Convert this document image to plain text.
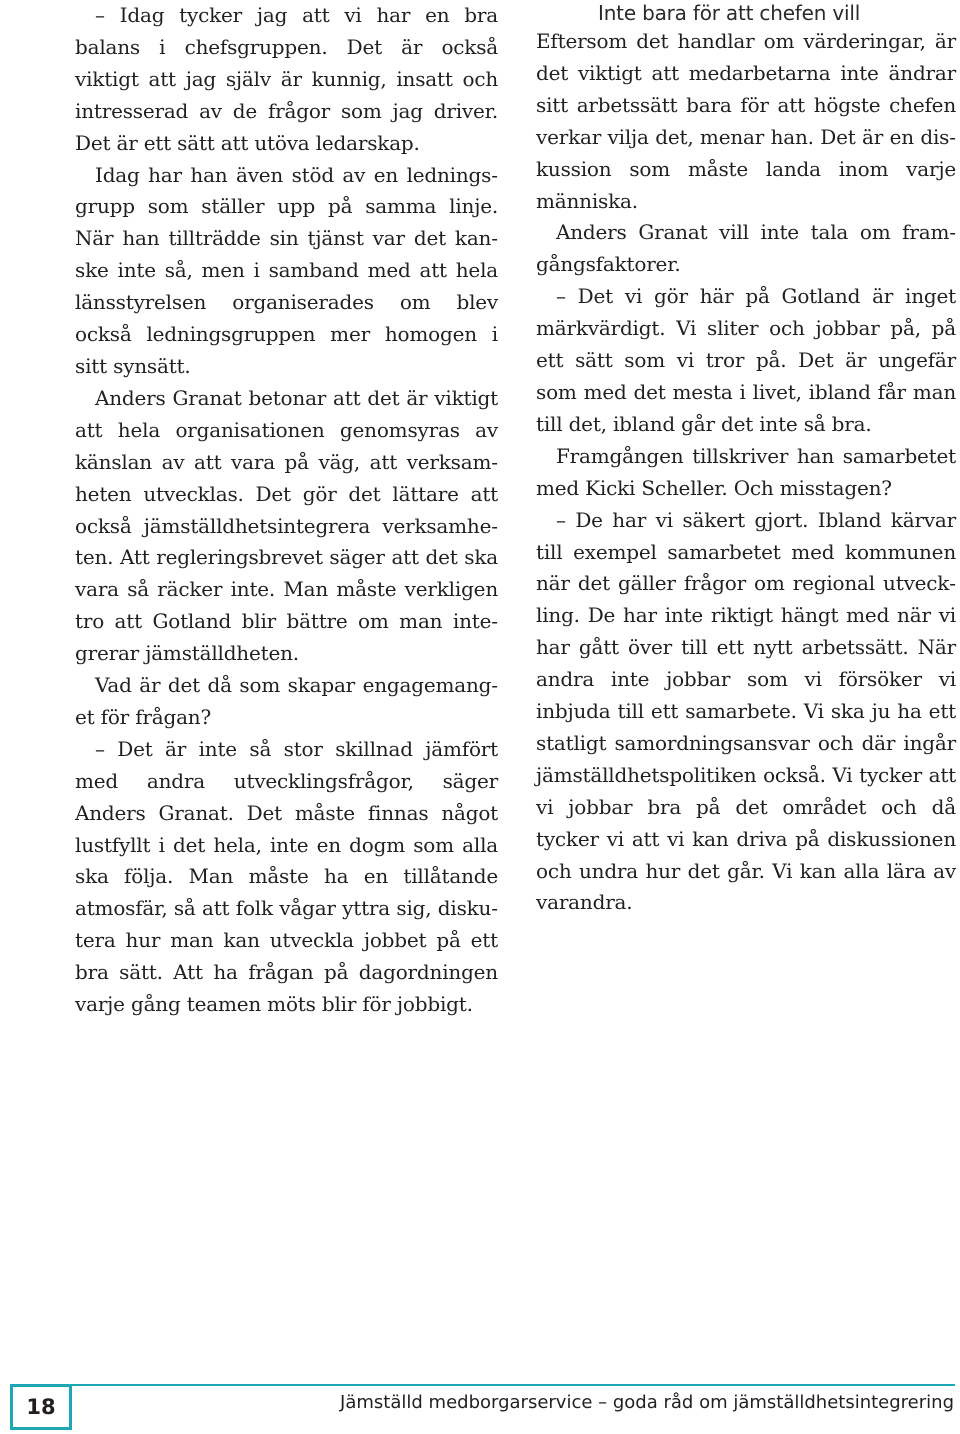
– Idag tycker jag att vi har en bra balans i chefsgruppen. Det är också viktigt att jag själv är kunnig, insatt och intresserad av de frågor som jag driver. Det är ett sätt att utöva ledarskap.

Idag har han även stöd av en ledningsgrupp som ställer upp på samma linje. När han tillträdde sin tjänst var det kanske inte så, men i samband med att hela länsstyrelsen organiserades om blev också ledningsgruppen mer homogen i sitt synsätt.

Anders Granat betonar att det är viktigt att hela organisationen genomsyras av känslan av att vara på väg, att verksamheten utvecklas. Det gör det lättare att också jämställdhetsintegrera verksamheten. Att regleringsbrevet säger att det ska vara så räcker inte. Man måste verkligen tro att Gotland blir bättre om man integrerar jämställdheten.

Vad är det då som skapar engagemanget för frågan?

– Det är inte så stor skillnad jämfört med andra utvecklingsfrågor, säger Anders Granat. Det måste finnas något lustfyllt i det hela, inte en dogm som alla ska följa. Man måste ha en tillåtande atmosfär, så att folk vågar yttra sig, diskutera hur man kan utveckla jobbet på ett bra sätt. Att ha frågan på dagordningen varje gång teamen möts blir för jobbigt.

Inte bara för att chefen vill

Eftersom det handlar om värderingar, är det viktigt att medarbetarna inte ändrar sitt arbetssätt bara för att högste chefen verkar vilja det, menar han. Det är en diskussion som måste landa inom varje människa.

Anders Granat vill inte tala om framgångsfaktorer.

– Det vi gör här på Gotland är inget märkvärdigt. Vi sliter och jobbar på, på ett sätt som vi tror på. Det är ungefär som med det mesta i livet, ibland får man till det, ibland går det inte så bra.

Framgången tillskriver han samarbetet med Kicki Scheller. Och misstagen?

– De har vi säkert gjort. Ibland kärvar till exempel samarbetet med kommunen när det gäller frågor om regional utveckling. De har inte riktigt hängt med när vi har gått över till ett nytt arbetssätt. När andra inte jobbar som vi försöker vi inbjuda till ett samarbete. Vi ska ju ha ett statligt samordningsansvar och där ingår jämställdhetspolitiken också. Vi tycker att vi jobbar bra på det området och då tycker vi att vi kan driva på diskussionen och undra hur det går. Vi kan alla lära av varandra.

18	Jämställd medborgarservice – goda råd om jämställdhetsintegrering
